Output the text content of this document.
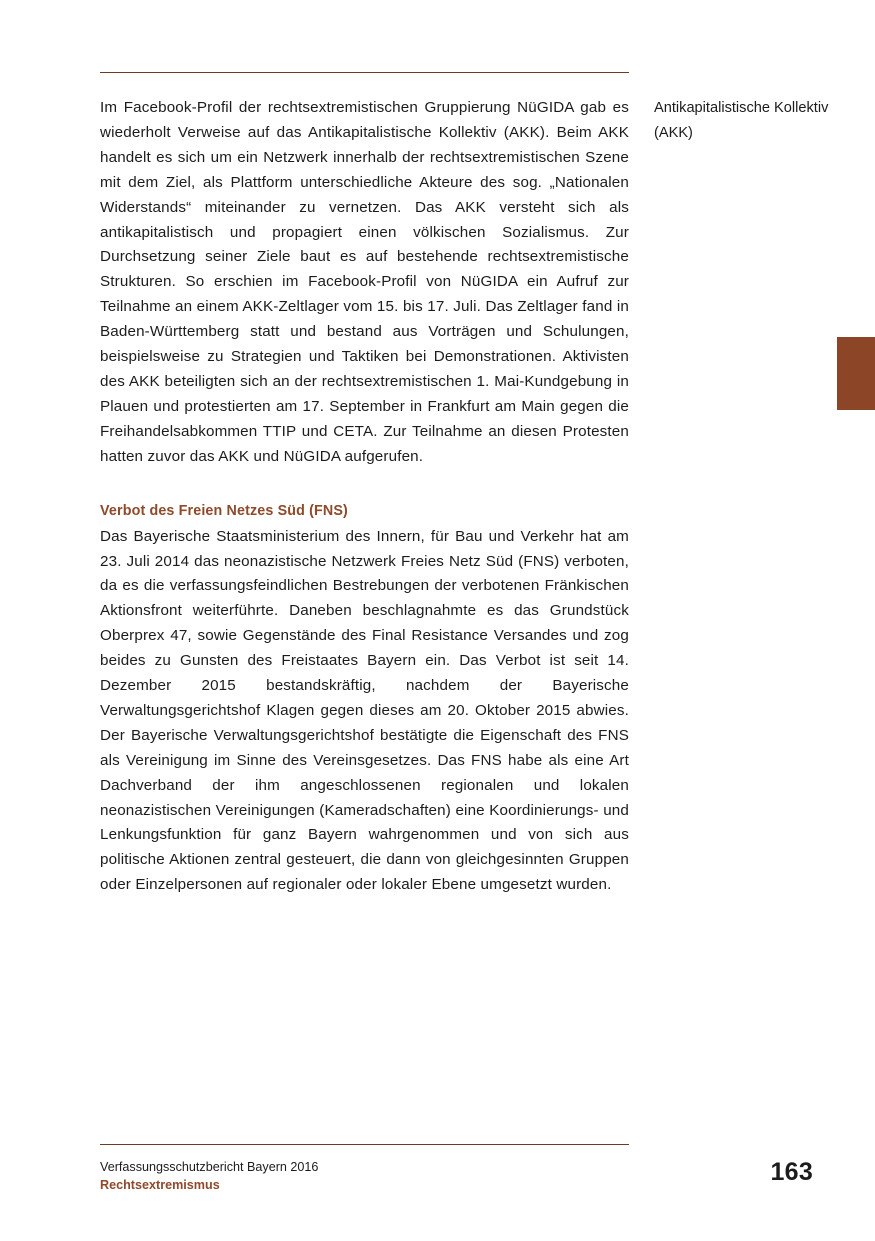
Im Facebook-Profil der rechtsextremistischen Gruppierung NüGIDA gab es wiederholt Verweise auf das Antikapitalistische Kollektiv (AKK). Beim AKK handelt es sich um ein Netzwerk innerhalb der rechtsextremistischen Szene mit dem Ziel, als Plattform unterschiedliche Akteure des sog. „Nationalen Widerstands“ miteinander zu vernetzen. Das AKK versteht sich als antikapitalistisch und propagiert einen völkischen Sozialismus. Zur Durchsetzung seiner Ziele baut es auf bestehende rechtsextremistische Strukturen. So erschien im Facebook-Profil von NüGIDA ein Aufruf zur Teilnahme an einem AKK-Zeltlager vom 15. bis 17. Juli. Das Zeltlager fand in Baden-Württemberg statt und bestand aus Vorträgen und Schulungen, beispielsweise zu Strategien und Taktiken bei Demonstrationen. Aktivisten des AKK beteiligten sich an der rechtsextremistischen 1. Mai-Kundgebung in Plauen und protestierten am 17. September in Frankfurt am Main gegen die Freihandelsabkommen TTIP und CETA. Zur Teilnahme an diesen Protesten hatten zuvor das AKK und NüGIDA aufgerufen.

Verbot des Freien Netzes Süd (FNS)

Das Bayerische Staatsministerium des Innern, für Bau und Verkehr hat am 23. Juli 2014 das neonazistische Netzwerk Freies Netz Süd (FNS) verboten, da es die verfassungsfeindlichen Bestrebungen der verbotenen Fränkischen Aktionsfront weiterführte. Daneben beschlagnahmte es das Grundstück Oberprex 47, sowie Gegenstände des Final Resistance Versandes und zog beides zu Gunsten des Freistaates Bayern ein. Das Verbot ist seit 14. Dezember 2015 bestandskräftig, nachdem der Bayerische Verwaltungsgerichtshof Klagen gegen dieses am 20. Oktober 2015 abwies. Der Bayerische Verwaltungsgerichtshof bestätigte die Eigenschaft des FNS als Vereinigung im Sinne des Vereinsgesetzes. Das FNS habe als eine Art Dachverband der ihm angeschlossenen regionalen und lokalen neonazistischen Vereinigungen (Kameradschaften) eine Koordinierungs- und Lenkungsfunktion für ganz Bayern wahrgenommen und von sich aus politische Aktionen zentral gesteuert, die dann von gleichgesinnten Gruppen oder Einzelpersonen auf regionaler oder lokaler Ebene umgesetzt wurden.

Antikapitalistische Kollektiv (AKK)

Verfassungsschutzbericht Bayern 2016

Rechtsextremismus	163
